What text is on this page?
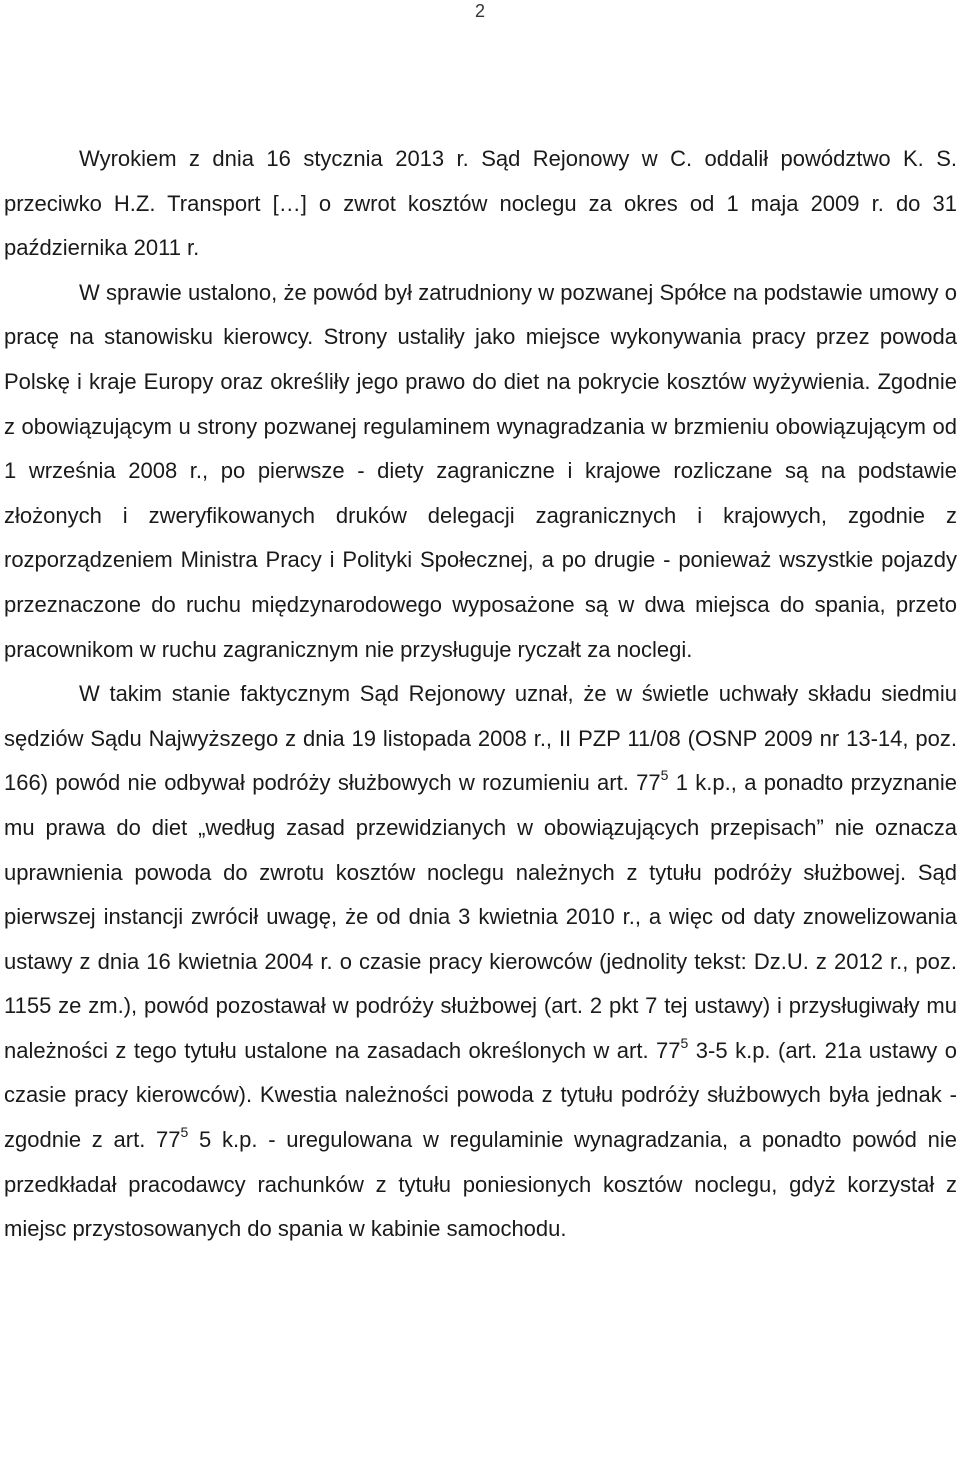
2

Wyrokiem z dnia 16 stycznia 2013 r. Sąd Rejonowy w C. oddalił powództwo K. S. przeciwko H.Z. Transport […] o zwrot kosztów noclegu za okres od 1 maja 2009 r. do 31 października 2011 r.

W sprawie ustalono, że powód był zatrudniony w pozwanej Spółce na podstawie umowy o pracę na stanowisku kierowcy. Strony ustaliły jako miejsce wykonywania pracy przez powoda Polskę i kraje Europy oraz określiły jego prawo do diet na pokrycie kosztów wyżywienia. Zgodnie z obowiązującym u strony pozwanej regulaminem wynagradzania w brzmieniu obowiązującym od 1 września 2008 r., po pierwsze - diety zagraniczne i krajowe rozliczane są na podstawie złożonych i zweryfikowanych druków delegacji zagranicznych i krajowych, zgodnie z rozporządzeniem Ministra Pracy i Polityki Społecznej, a po drugie - ponieważ wszystkie pojazdy przeznaczone do ruchu międzynarodowego wyposażone są w dwa miejsca do spania, przeto pracownikom w ruchu zagranicznym nie przysługuje ryczałt za noclegi.

W takim stanie faktycznym Sąd Rejonowy uznał, że w świetle uchwały składu siedmiu sędziów Sądu Najwyższego z dnia 19 listopada 2008 r., II PZP 11/08 (OSNP 2009 nr 13-14, poz. 166) powód nie odbywał podróży służbowych w rozumieniu art. $77^5$ 1 k.p., a ponadto przyznanie mu prawa do diet „według zasad przewidzianych w obowiązujących przepisach” nie oznacza uprawnienia powoda do zwrotu kosztów noclegu należnych z tytułu podróży służbowej. Sąd pierwszej instancji zwrócił uwagę, że od dnia 3 kwietnia 2010 r., a więc od daty znowelizowania ustawy z dnia 16 kwietnia 2004 r. o czasie pracy kierowców (jednolity tekst: Dz.U. z 2012 r., poz. 1155 ze zm.), powód pozostawał w podróży służbowej (art. 2 pkt 7 tej ustawy) i przysługiwały mu należności z tego tytułu ustalone na zasadach określonych w art. $77^5$ 3-5 k.p. (art. 21a ustawy o czasie pracy kierowców). Kwestia należności powoda z tytułu podróży służbowych była jednak - zgodnie z art. $77^5$ 5 k.p. - uregulowana w regulaminie wynagradzania, a ponadto powód nie przedkładał pracodawcy rachunków z tytułu poniesionych kosztów noclegu, gdyż korzystał z miejsc przystosowanych do spania w kabinie samochodu.
